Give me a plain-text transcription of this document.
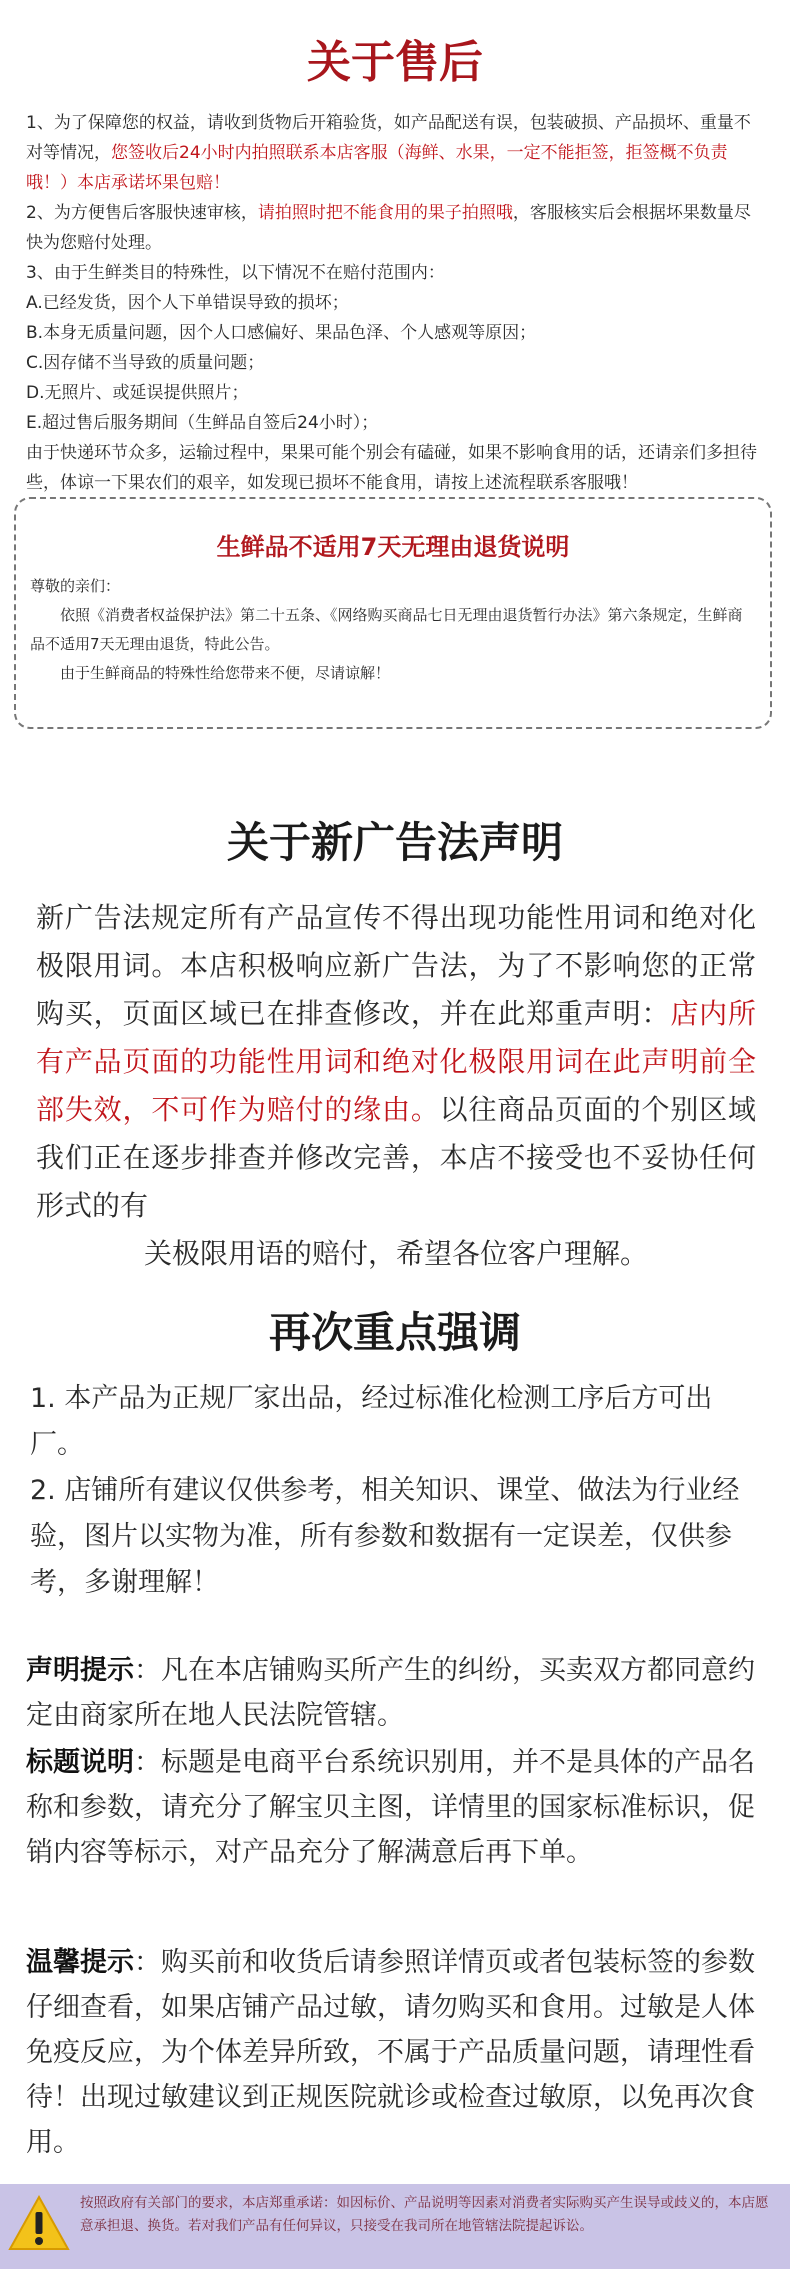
关于售后

1、为了保障您的权益，请收到货物后开箱验货，如产品配送有误，包装破损、产品损坏、重量不对等情况，您签收后24小时内拍照联系本店客服（海鲜、水果，一定不能拒签，拒签概不负责哦！）本店承诺坏果包赔！

2、为方便售后客服快速审核，请拍照时把不能食用的果子拍照哦，客服核实后会根据坏果数量尽快为您赔付处理。

3、由于生鲜类目的特殊性，以下情况不在赔付范围内：

A.已经发货，因个人下单错误导致的损坏；

B.本身无质量问题，因个人口感偏好、果品色泽、个人感观等原因；

C.因存储不当导致的质量问题；

D.无照片、或延误提供照片；

E.超过售后服务期间（生鲜品自签后24小时）；

由于快递环节众多，运输过程中，果果可能个别会有磕碰，如果不影响食用的话，还请亲们多担待些，体谅一下果农们的艰辛，如发现已损坏不能食用，请按上述流程联系客服哦！

生鲜品不适用7天无理由退货说明

尊敬的亲们：

依照《消费者权益保护法》第二十五条、《网络购买商品七日无理由退货暂行办法》第六条规定，生鲜商品不适用7天无理由退货，特此公告。

由于生鲜商品的特殊性给您带来不便，尽请谅解！

关于新广告法声明

新广告法规定所有产品宣传不得出现功能性用词和绝对化极限用词。本店积极响应新广告法，为了不影响您的正常购买，页面区域已在排查修改，并在此郑重声明：店内所有产品页面的功能性用词和绝对化极限用词在此声明前全部失效，不可作为赔付的缘由。以往商品页面的个别区域我们正在逐步排查并修改完善，本店不接受也不妥协任何形式的有

关极限用语的赔付，希望各位客户理解。

再次重点强调

1. 本产品为正规厂家出品，经过标准化检测工序后方可出厂。

2. 店铺所有建议仅供参考，相关知识、课堂、做法为行业经验，图片以实物为准，所有参数和数据有一定误差，仅供参考，多谢理解！

声明提示：凡在本店铺购买所产生的纠纷，买卖双方都同意约定由商家所在地人民法院管辖。

标题说明：标题是电商平台系统识别用，并不是具体的产品名称和参数，请充分了解宝贝主图，详情里的国家标准标识，促销内容等标示，对产品充分了解满意后再下单。

温馨提示：购买前和收货后请参照详情页或者包装标签的参数仔细查看，如果店铺产品过敏，请勿购买和食用。过敏是人体免疫反应，为个体差异所致，不属于产品质量问题，请理性看待！出现过敏建议到正规医院就诊或检查过敏原，以免再次食用。

按照政府有关部门的要求，本店郑重承诺：如因标价、产品说明等因素对消费者实际购买产生误导或歧义的，本店愿意承担退、换货。若对我们产品有任何异议，只接受在我司所在地管辖法院提起诉讼。
